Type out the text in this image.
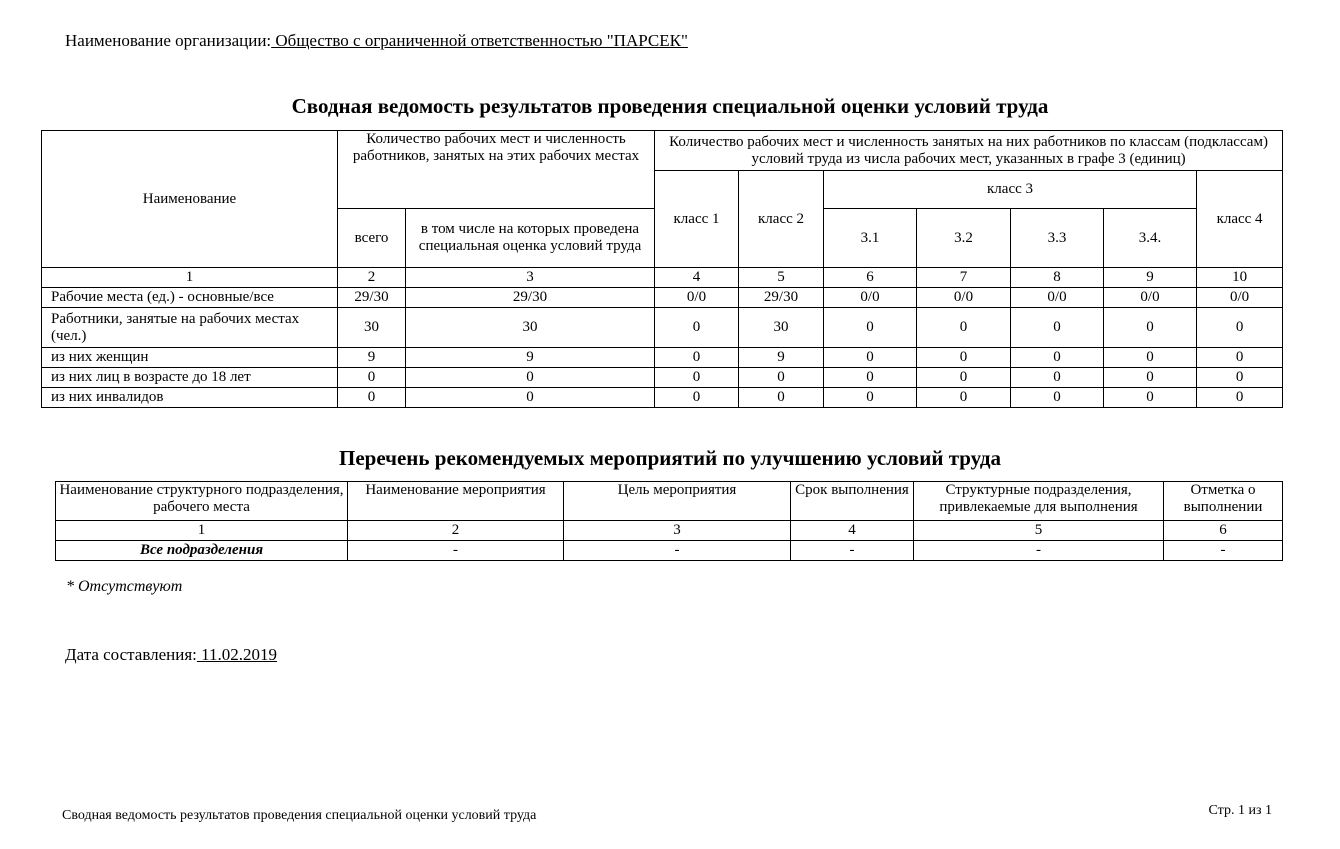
Наименование организации: Общество с ограниченной ответственностью "ПАРСЕК"
Сводная ведомость результатов проведения специальной оценки условий труда
Наименование	Количество рабочих мест и численность работников, занятых на этих рабочих местах		Количество рабочих мест и численность занятых на них работников по классам (подклассам) условий труда из числа рабочих мест, указанных в графе 3 (единиц)						
			класс 1	класс 2	класс 3				класс 4
	всего	в том числе на которых проведена специальная оценка условий труда			3.1	3.2	3.3	3.4.	
1	2	3	4	5	6	7	8	9	10
Рабочие места (ед.) - основные/все	29/30	29/30	0/0	29/30	0/0	0/0	0/0	0/0	0/0
Работники, занятые на рабочих местах (чел.)	30	30	0	30	0	0	0	0	0
из них женщин	9	9	0	9	0	0	0	0	0
из них лиц в возрасте до 18 лет	0	0	0	0	0	0	0	0	0
из них инвалидов	0	0	0	0	0	0	0	0	0
Перечень рекомендуемых мероприятий по улучшению условий труда
Наименование структурного подразделения, рабочего места	Наименование мероприятия	Цель мероприятия	Срок выполнения	Структурные подразделения, привлекаемые для выполнения	Отметка о выполнении
1	2	3	4	5	6
Все подразделения	-	-	-	-	-
* Отсутствуют
Дата составления: 11.02.2019
Сводная ведомость результатов проведения специальной оценки условий труда	Стр. 1 из 1
